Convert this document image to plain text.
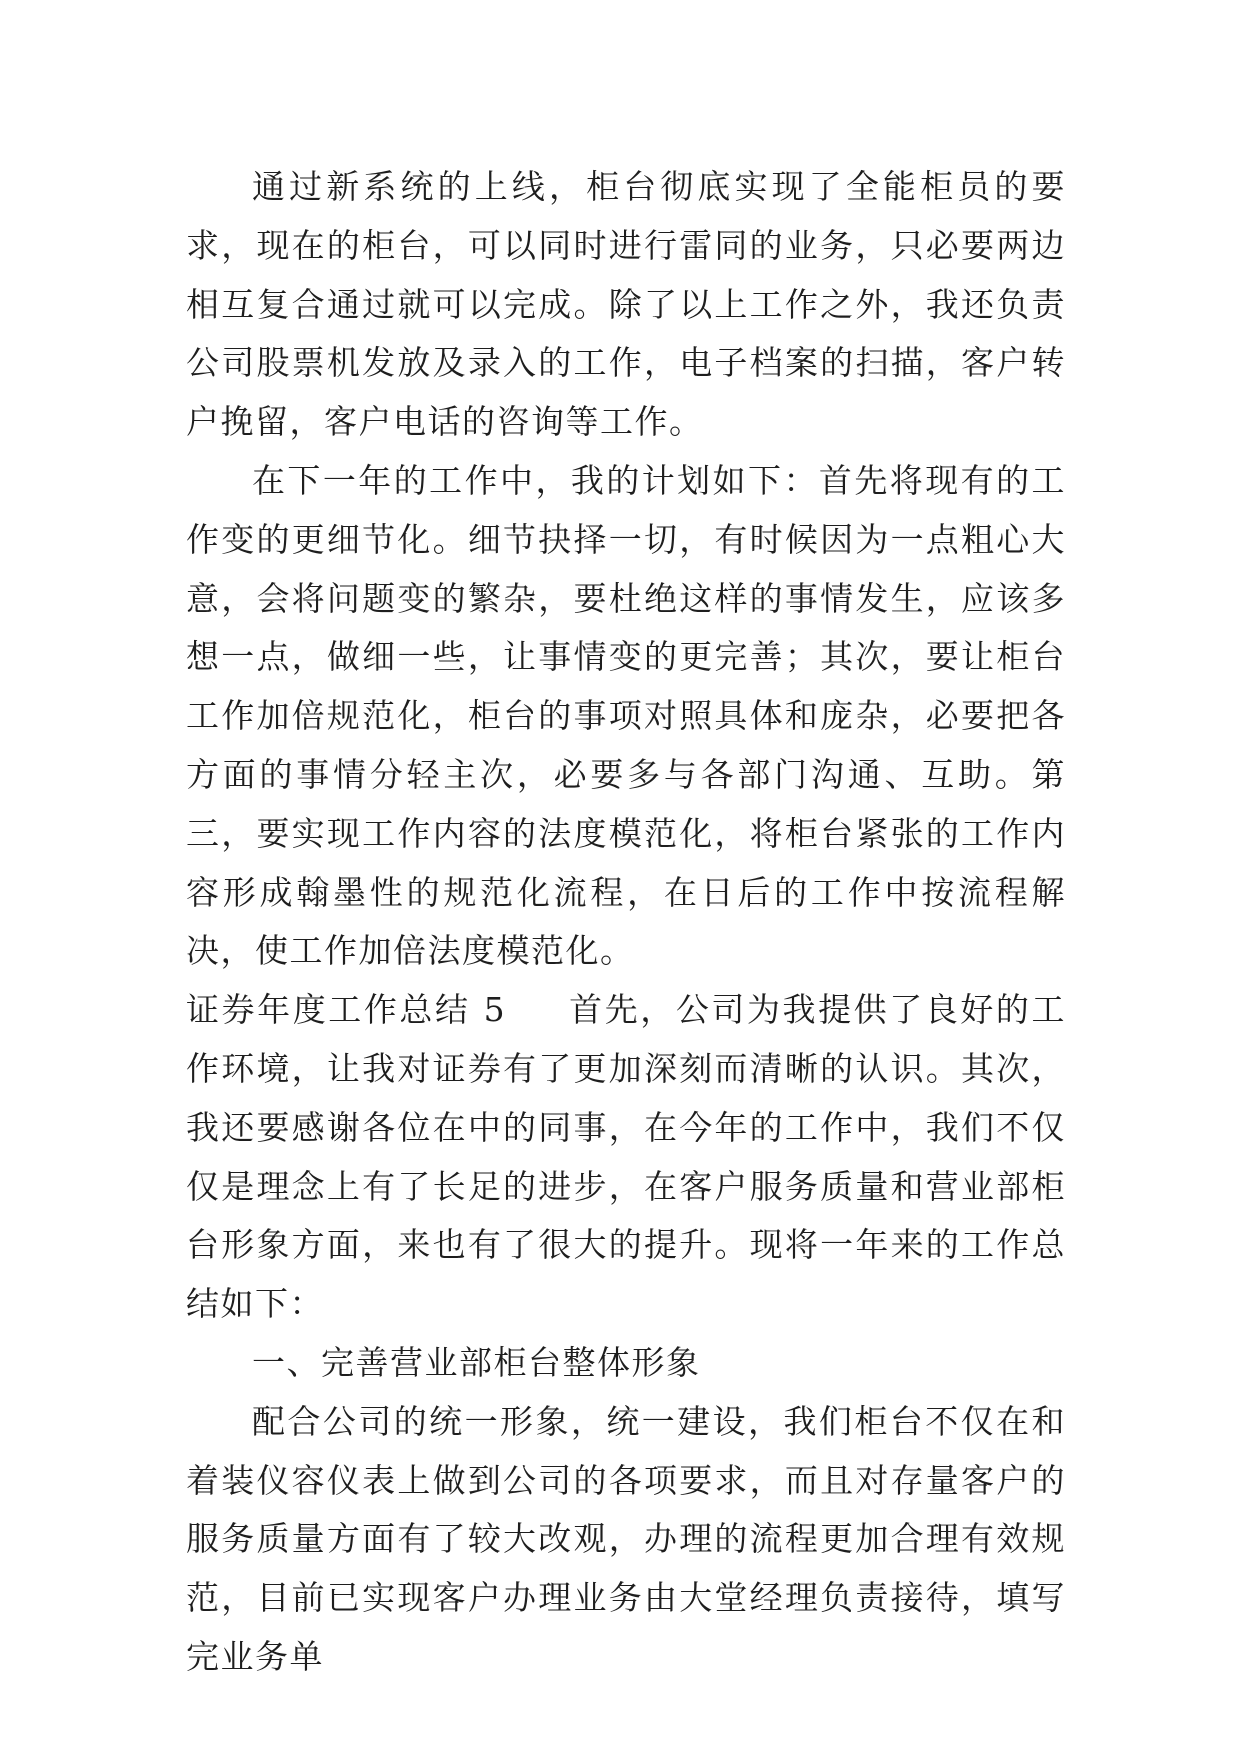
通过新系统的上线，柜台彻底实现了全能柜员的要求，现在的柜台，可以同时进行雷同的业务，只必要两边相互复合通过就可以完成。除了以上工作之外，我还负责公司股票机发放及录入的工作，电子档案的扫描，客户转户挽留，客户电话的咨询等工作。

在下一年的工作中，我的计划如下：首先将现有的工作变的更细节化。细节抉择一切，有时候因为一点粗心大意，会将问题变的繁杂，要杜绝这样的事情发生，应该多想一点，做细一些，让事情变的更完善；其次，要让柜台工作加倍规范化，柜台的事项对照具体和庞杂，必要把各方面的事情分轻主次，必要多与各部门沟通、互助。第三，要实现工作内容的法度模范化，将柜台紧张的工作内容形成翰墨性的规范化流程，在日后的工作中按流程解决，使工作加倍法度模范化。

证券年度工作总结 5 首先，公司为我提供了良好的工作环境，让我对证券有了更加深刻而清晰的认识。其次，我还要感谢各位在中的同事，在今年的工作中，我们不仅仅是理念上有了长足的进步，在客户服务质量和营业部柜台形象方面，来也有了很大的提升。现将一年来的工作总结如下：

一、完善营业部柜台整体形象

配合公司的统一形象，统一建设，我们柜台不仅在和着装仪容仪表上做到公司的各项要求，而且对存量客户的服务质量方面有了较大改观，办理的流程更加合理有效规范，目前已实现客户办理业务由大堂经理负责接待，填写完业务单
